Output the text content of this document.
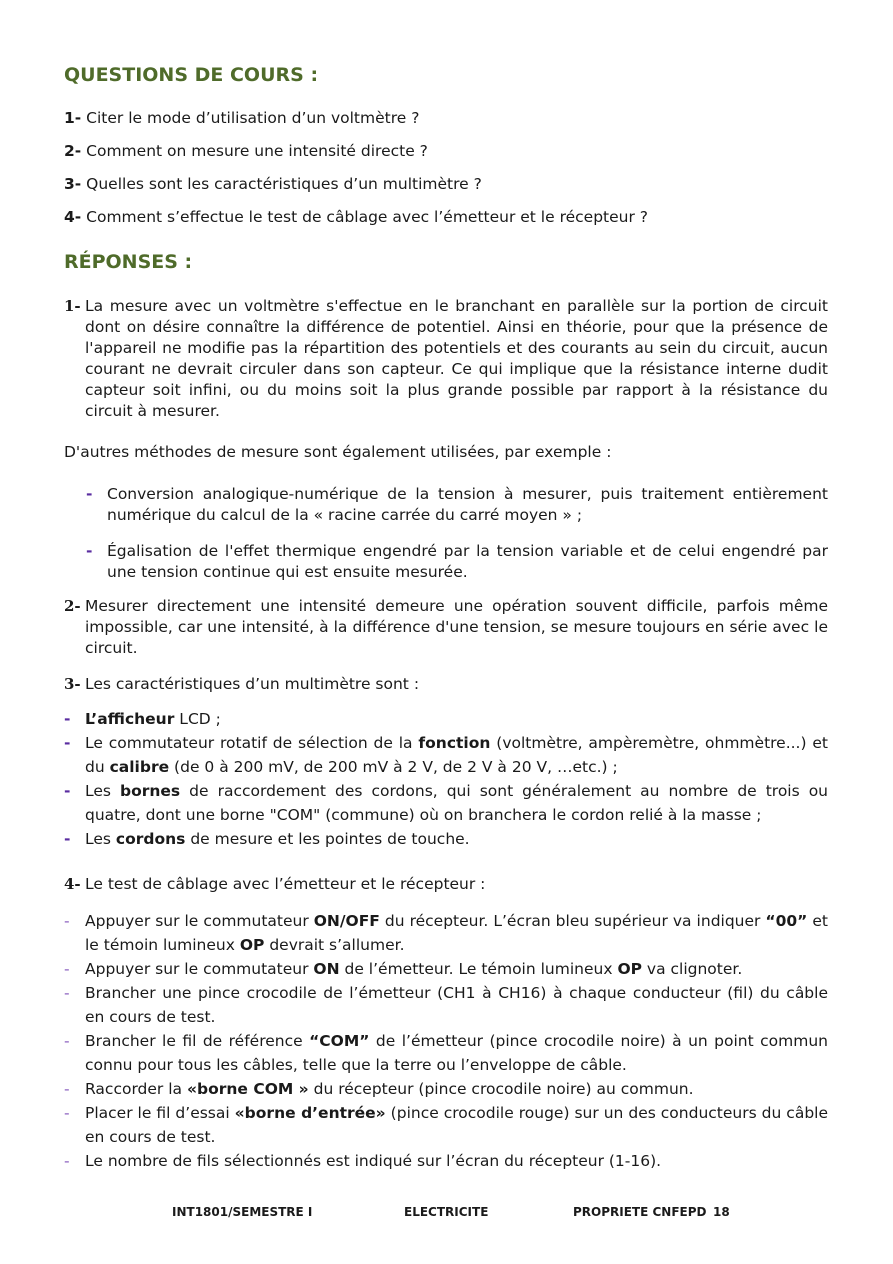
QUESTIONS DE COURS :
1- Citer le mode d’utilisation d’un voltmètre ?
2- Comment on mesure une intensité directe ?
3- Quelles sont les caractéristiques d’un multimètre ?
4- Comment s’effectue le test de câblage avec l’émetteur et le récepteur ?
RÉPONSES :
1- La mesure avec un voltmètre s'effectue en le branchant en parallèle sur la portion de circuit dont on désire connaître la différence de potentiel. Ainsi en théorie, pour que la présence de l'appareil ne modifie pas la répartition des potentiels et des courants au sein du circuit, aucun courant ne devrait circuler dans son capteur. Ce qui implique que la résistance interne dudit capteur soit infini, ou du moins soit la plus grande possible par rapport à la résistance du circuit à mesurer.
D'autres méthodes de mesure sont également utilisées, par exemple :
- Conversion analogique-numérique de la tension à mesurer, puis traitement entièrement numérique du calcul de la « racine carrée du carré moyen » ;
- Égalisation de l'effet thermique engendré par la tension variable et de celui engendré par une tension continue qui est ensuite mesurée.
2- Mesurer directement une intensité demeure une opération souvent difficile, parfois même impossible, car une intensité, à la différence d'une tension, se mesure toujours en série avec le circuit.
3- Les caractéristiques d’un multimètre sont :
- L’afficheur LCD ;
- Le commutateur rotatif de sélection de la fonction (voltmètre, ampèremètre, ohmmètre...) et du calibre (de 0 à 200 mV, de 200 mV à 2 V, de 2 V à 20 V, …etc.) ;
- Les bornes de raccordement des cordons, qui sont généralement au nombre de trois ou quatre, dont une borne "COM" (commune) où on branchera le cordon relié à la masse ;
- Les cordons de mesure et les pointes de touche.
4- Le test de câblage avec l’émetteur et le récepteur :
- Appuyer sur le commutateur ON/OFF du récepteur. L’écran bleu supérieur va indiquer “00” et le témoin lumineux OP devrait s’allumer.
- Appuyer sur le commutateur ON de l’émetteur. Le témoin lumineux OP va clignoter.
- Brancher une pince crocodile de l’émetteur (CH1 à CH16) à chaque conducteur (fil) du câble en cours de test.
- Brancher le fil de référence “COM” de l’émetteur (pince crocodile noire) à un point commun connu pour tous les câbles, telle que la terre ou l’enveloppe de câble.
- Raccorder la «borne COM » du récepteur (pince crocodile noire) au commun.
- Placer le fil d’essai «borne d’entrée» (pince crocodile rouge) sur un des conducteurs du câble en cours de test.
- Le nombre de fils sélectionnés est indiqué sur l’écran du récepteur (1-16).
INT1801/SEMESTRE I	ELECTRICITE	PROPRIETE CNFEPD 18
